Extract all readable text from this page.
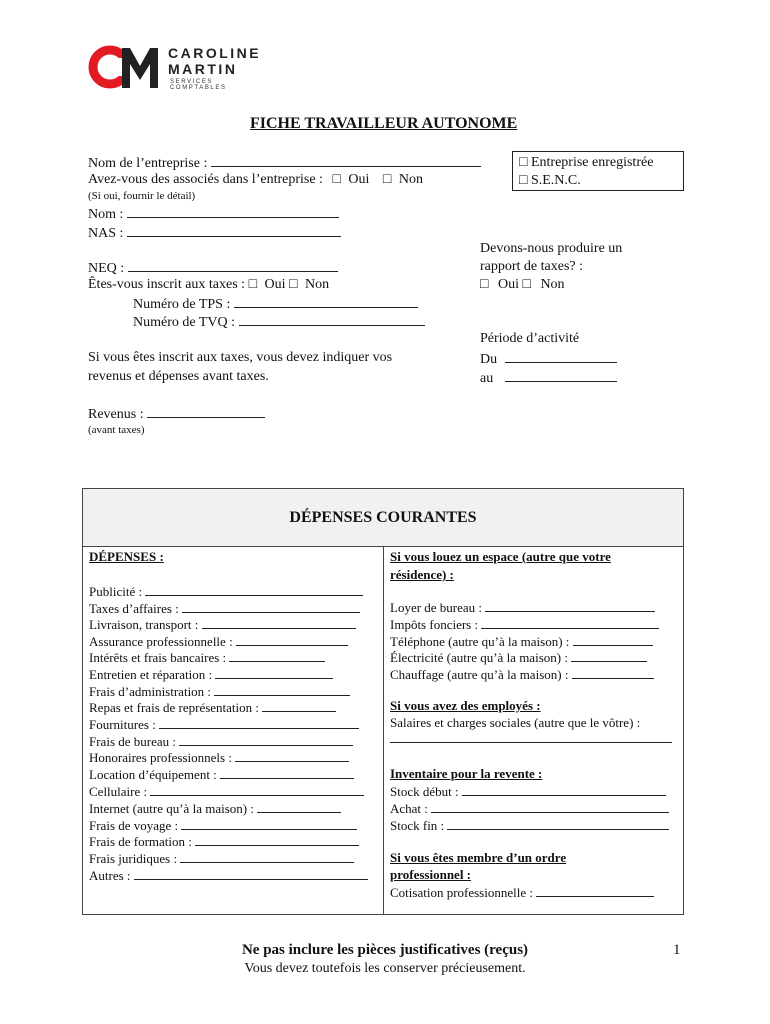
CAROLINE
MARTIN
SERVICES COMPTABLES
FICHE TRAVAILLEUR AUTONOME
Nom de l’entreprise :
Avez-vous des associés dans l’entreprise : □ Oui □ Non
(Si oui, fournir le détail)
Nom :
NAS :
NEQ :
Êtes-vous inscrit aux taxes : □ Oui □ Non
Numéro de TPS :
Numéro de TVQ :
Si vous êtes inscrit aux taxes, vous devez indiquer vos
revenus et dépenses avant taxes.
Revenus :
(avant taxes)
□ Entreprise enregistrée
□ S.E.N.C.
Devons-nous produire un
rapport de taxes? :
□ Oui □ Non
Période d’activité
Du
au
DÉPENSES COURANTES
DÉPENSES :
Publicité :
Taxes d’affaires :
Livraison, transport :
Assurance professionnelle :
Intérêts et frais bancaires :
Entretien et réparation :
Frais d’administration :
Repas et frais de représentation :
Fournitures :
Frais de bureau :
Honoraires professionnels :
Location d’équipement :
Cellulaire :
Internet (autre qu’à la maison) :
Frais de voyage :
Frais de formation :
Frais juridiques :
Autres :
Si vous louez un espace (autre que votre
résidence) :
Loyer de bureau :
Impôts fonciers :
Téléphone (autre qu’à la maison) :
Électricité (autre qu’à la maison) :
Chauffage (autre qu’à la maison) :
Si vous avez des employés :
Salaires et charges sociales (autre que le vôtre) :
Inventaire pour la revente :
Stock début :
Achat :
Stock fin :
Si vous êtes membre d’un ordre
professionnel :
Cotisation professionnelle :
Ne pas inclure les pièces justificatives (reçus)
Vous devez toutefois les conserver précieusement.
1
